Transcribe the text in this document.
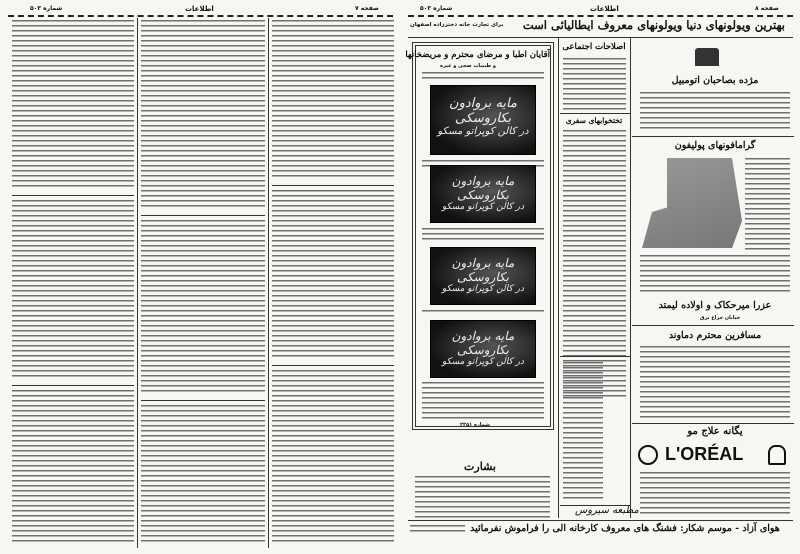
شماره ۵۰۳	اطلاعات	صفحه ۷	شماره ۵۰۳	اطلاعات	صفحه ۸
برای تجارت خانه دخترزاده اصفهان بهترین ویولونهای دنیا ویولونهای معروف ایطالیائی است
آقایان اطبا و مرضای محترم و مریضخانها
و طبیبات صحی و غیره
مایه بروادون بکاروسکی
در کالن کوپراتو مسکو
مایه بروادون بکاروسکی
در کالن کوپراتو مسکو
مایه بروادون بکاروسکی
در کالن کوپراتو مسکو
مایه بروادون بکاروسکی
در کالن کوپراتو مسکو
شماره ۲۲۵۱
بشارت
اصلاحات اجتماعی
تختخوابهای سفری
مطبعه سیروس
مژده بصاحبان اتومبیل
گرامافونهای پولیفون
عزرا میرحکاک و اولاده لیمتد
خیابان چراغ برق
مسافرین محترم دماوند
یگانه علاج مو
L'ORÉAL
هوای آزاد - موسم شکار: فشنگ های معروف کارخانه الی را فراموش نفرمائید
